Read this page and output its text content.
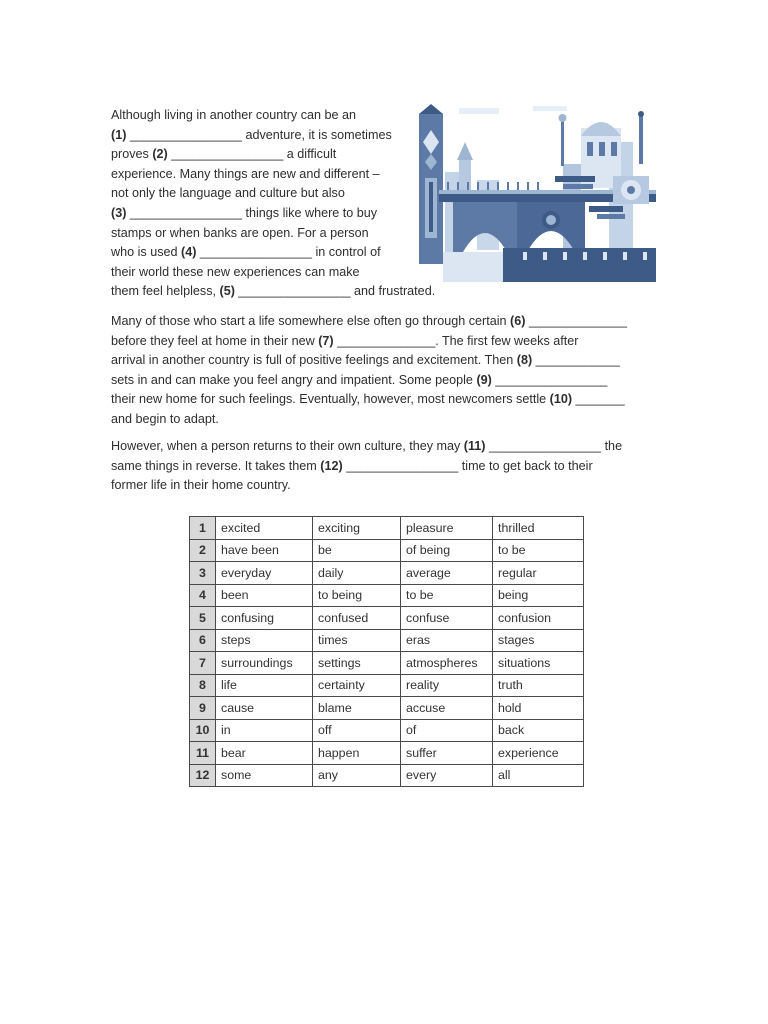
Although living in another country can be an
(1) ________________ adventure, it is sometimes
proves (2) ________________ a difficult
experience. Many things are new and different –
not only the language and culture but also
(3) ________________ things like where to buy
stamps or when banks are open. For a person
who is used (4) ________________ in control of
their world these new experiences can make
them feel helpless, (5) ________________ and frustrated.
Many of those who start a life somewhere else often go through certain (6) ______________
before they feel at home in their new (7) ______________. The first few weeks after
arrival in another country is full of positive feelings and excitement. Then (8) ____________
sets in and can make you feel angry and impatient. Some people (9) ________________
their new home for such feelings. Eventually, however, most newcomers settle (10) _______
and begin to adapt.
However, when a person returns to their own culture, they may (11) ________________ the
same things in reverse. It takes them (12) ________________ time to get back to their
former life in their home country.
1	excited	exciting	pleasure	thrilled
2	have been	be	of being	to be
3	everyday	daily	average	regular
4	been	to being	to be	being
5	confusing	confused	confuse	confusion
6	steps	times	eras	stages
7	surroundings	settings	atmospheres	situations
8	life	certainty	reality	truth
9	cause	blame	accuse	hold
10	in	off	of	back
11	bear	happen	suffer	experience
12	some	any	every	all
